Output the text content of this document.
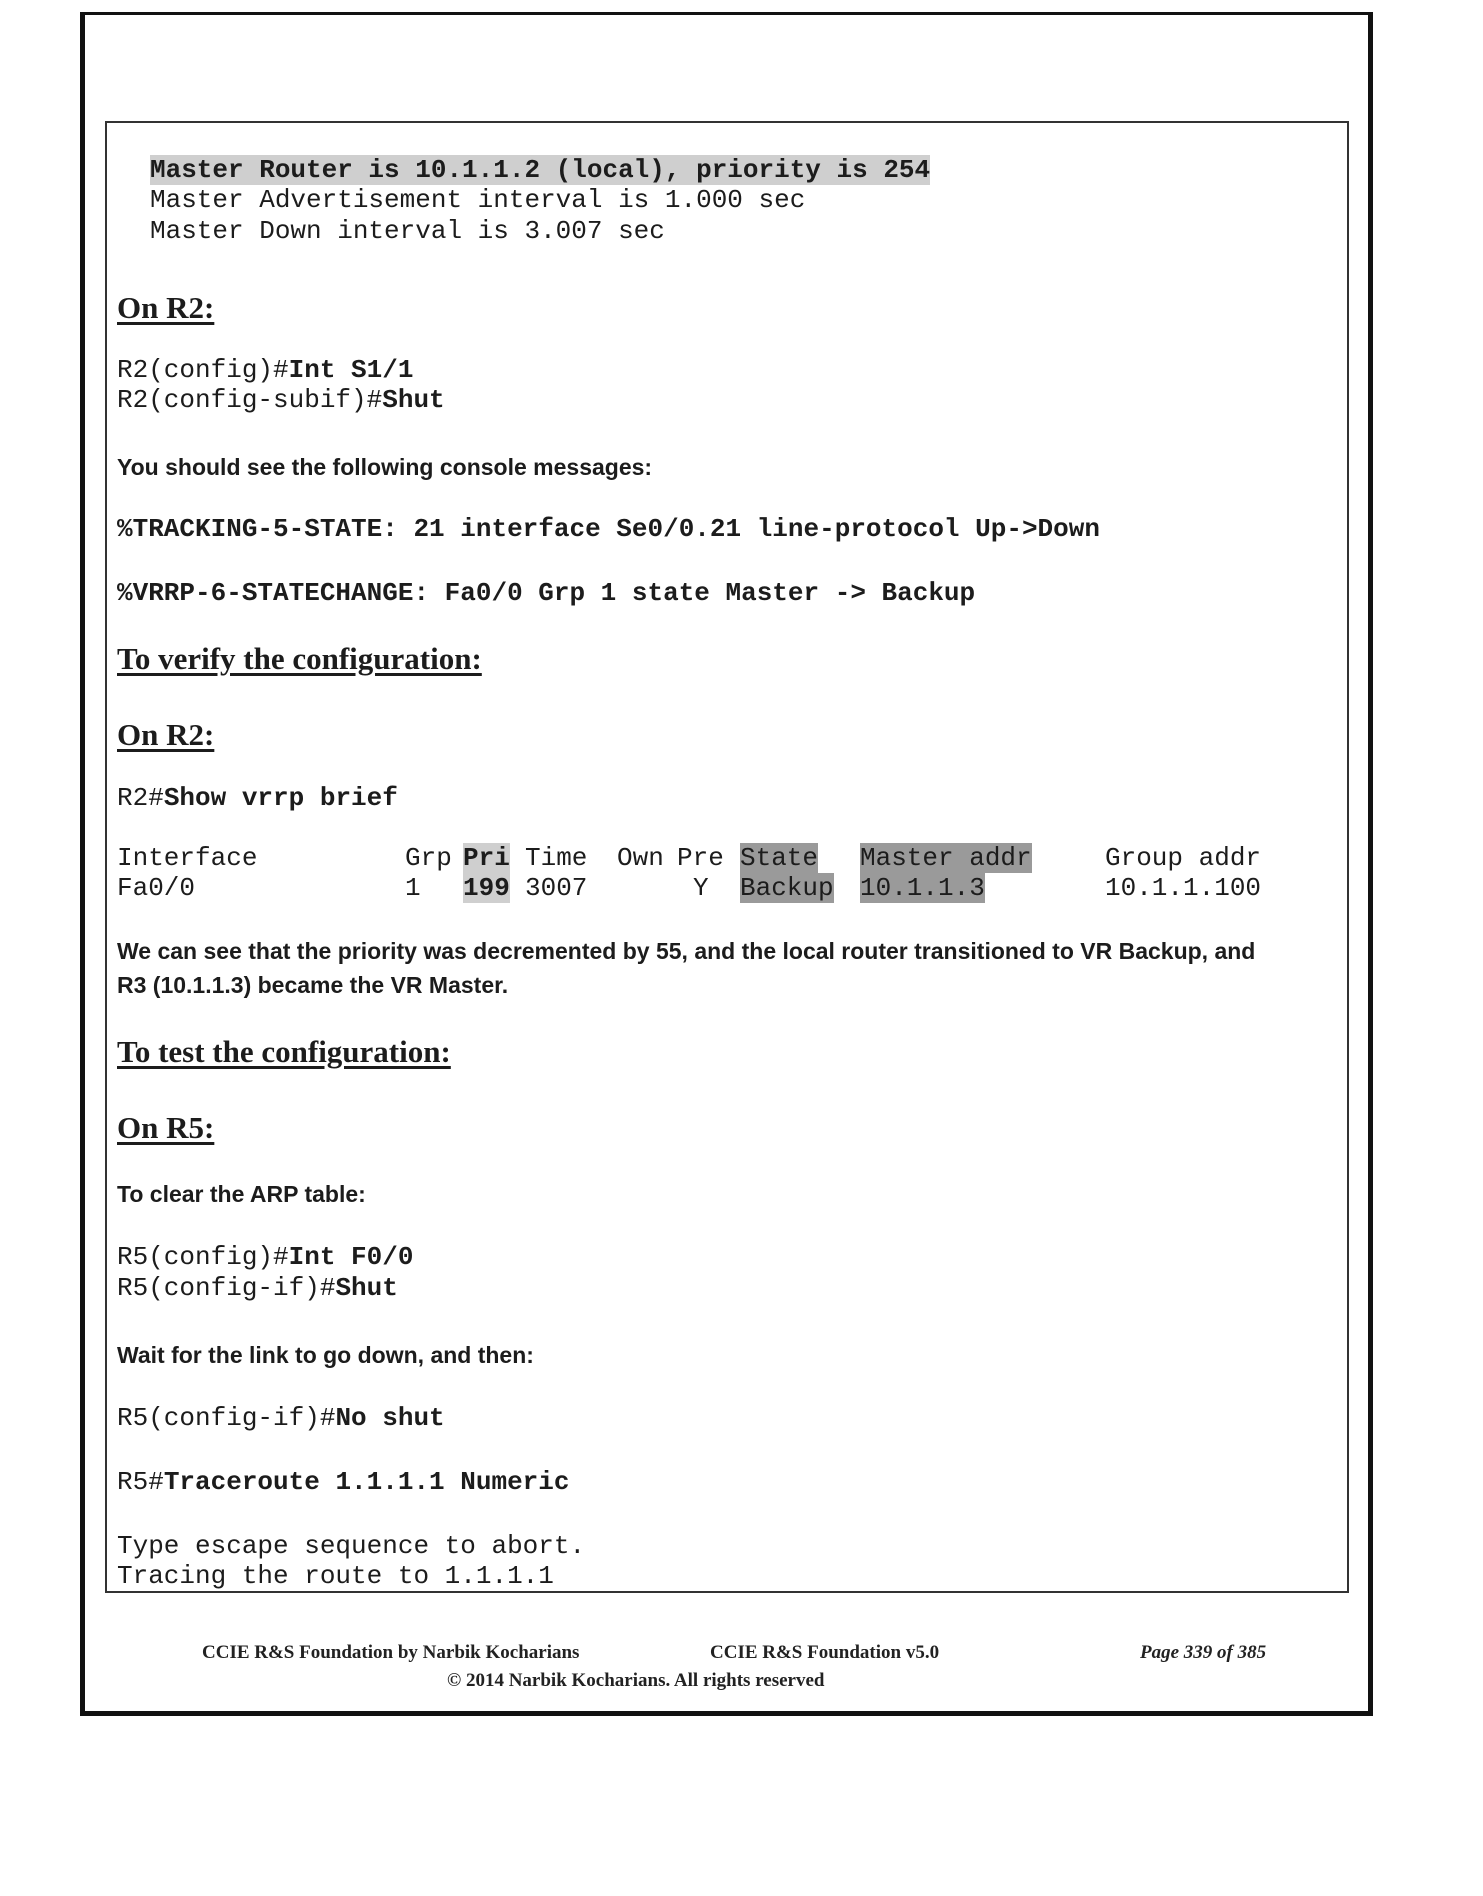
Master Router is 10.1.1.2 (local), priority is 254
Master Advertisement interval is 1.000 sec
Master Down interval is 3.007 sec
On R2:
R2(config)#Int S1/1
R2(config-subif)#Shut
You should see the following console messages:
%TRACKING-5-STATE: 21 interface Se0/0.21 line-protocol Up->Down
%VRRP-6-STATECHANGE: Fa0/0 Grp 1 state Master -> Backup
To verify the configuration:
On R2:
R2#Show vrrp brief
Interface	Grp Pri Time Own Pre State Master addr	Group addr
Fa0/0	1 199 3007	Y Backup 10.1.1.3	10.1.1.100
We can see that the priority was decremented by 55, and the local router transitioned to VR Backup, and
R3 (10.1.1.3) became the VR Master.
To test the configuration:
On R5:
To clear the ARP table:
R5(config)#Int F0/0
R5(config-if)#Shut
Wait for the link to go down, and then:
R5(config-if)#No shut
R5#Traceroute 1.1.1.1 Numeric
Type escape sequence to abort.
Tracing the route to 1.1.1.1
CCIE R&S Foundation by Narbik Kocharians	CCIE R&S Foundation v5.0	Page 339 of 385
© 2014 Narbik Kocharians. All rights reserved
